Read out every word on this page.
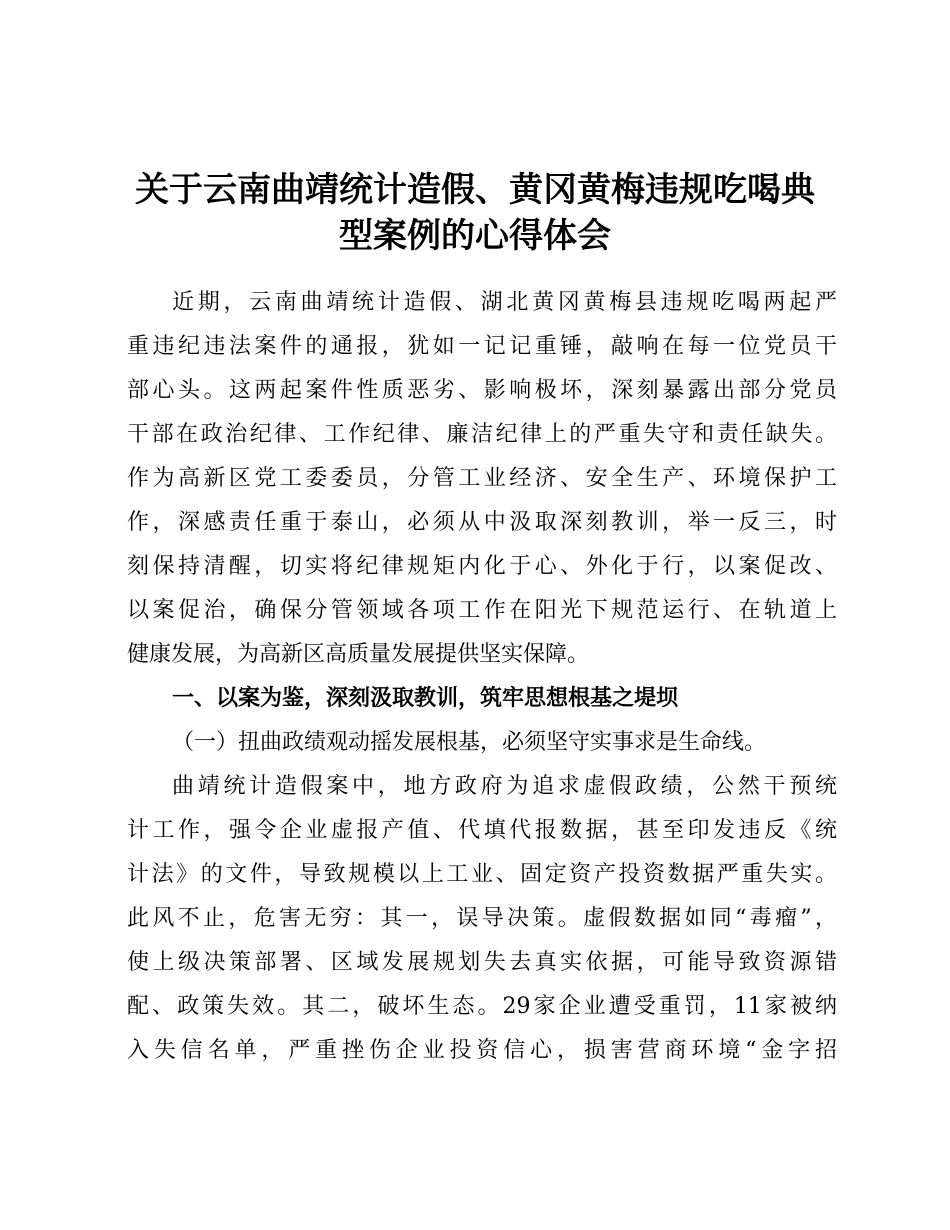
关于云南曲靖统计造假、黄冈黄梅违规吃喝典
型案例的心得体会

近期，云南曲靖统计造假、湖北黄冈黄梅县违规吃喝两起严

重违纪违法案件的通报，犹如一记记重锤，敲响在每一位党员干

部心头。这两起案件性质恶劣、影响极坏，深刻暴露出部分党员

干部在政治纪律、工作纪律、廉洁纪律上的严重失守和责任缺失。

作为高新区党工委委员，分管工业经济、安全生产、环境保护工

作，深感责任重于泰山，必须从中汲取深刻教训，举一反三，时

刻保持清醒，切实将纪律规矩内化于心、外化于行，以案促改、

以案促治，确保分管领域各项工作在阳光下规范运行、在轨道上

健康发展，为高新区高质量发展提供坚实保障。

一、以案为鉴，深刻汲取教训，筑牢思想根基之堤坝

（一）扭曲政绩观动摇发展根基，必须坚守实事求是生命线。

曲靖统计造假案中，地方政府为追求虚假政绩，公然干预统

计工作，强令企业虚报产值、代填代报数据，甚至印发违反《统

计法》的文件，导致规模以上工业、固定资产投资数据严重失实。

此风不止，危害无穷：其一，误导决策。虚假数据如同“毒瘤”，

使上级决策部署、区域发展规划失去真实依据，可能导致资源错

配、政策失效。其二，破坏生态。29家企业遭受重罚，11家被纳

入失信名单，严重挫伤企业投资信心，损害营商环境“金字招
